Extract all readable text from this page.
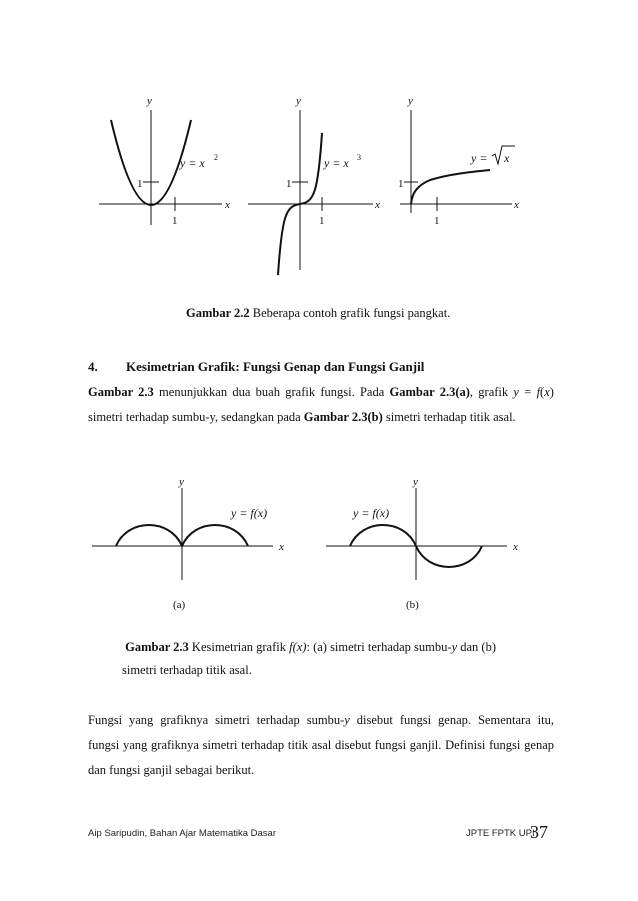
y
x
1
1
y = x 2
y
x
1
1
y = x 3
y
x
1
1
y = x
Gambar 2.2 Beberapa contoh grafik fungsi pangkat.
4. Kesimetrian Grafik: Fungsi Genap dan Fungsi Ganjil
Gambar 2.3 menunjukkan dua buah grafik fungsi. Pada Gambar 2.3(a), grafik y = f(x)
simetri terhadap sumbu-y, sedangkan pada Gambar 2.3(b) simetri terhadap titik asal.
y
x
y = f(x)
(a)
y
x
y = f(x)
(b)
Gambar 2.3 Kesimetrian grafik f(x): (a) simetri terhadap sumbu-y dan (b)
simetri terhadap titik asal.
Fungsi yang grafiknya simetri terhadap sumbu-y disebut fungsi genap. Sementara itu,
fungsi yang grafiknya simetri terhadap titik asal disebut fungsi ganjil. Definisi fungsi genap
dan fungsi ganjil sebagai berikut.
Aip Saripudin, Bahan Ajar Matematika Dasar	JPTE FPTK UPI
37
